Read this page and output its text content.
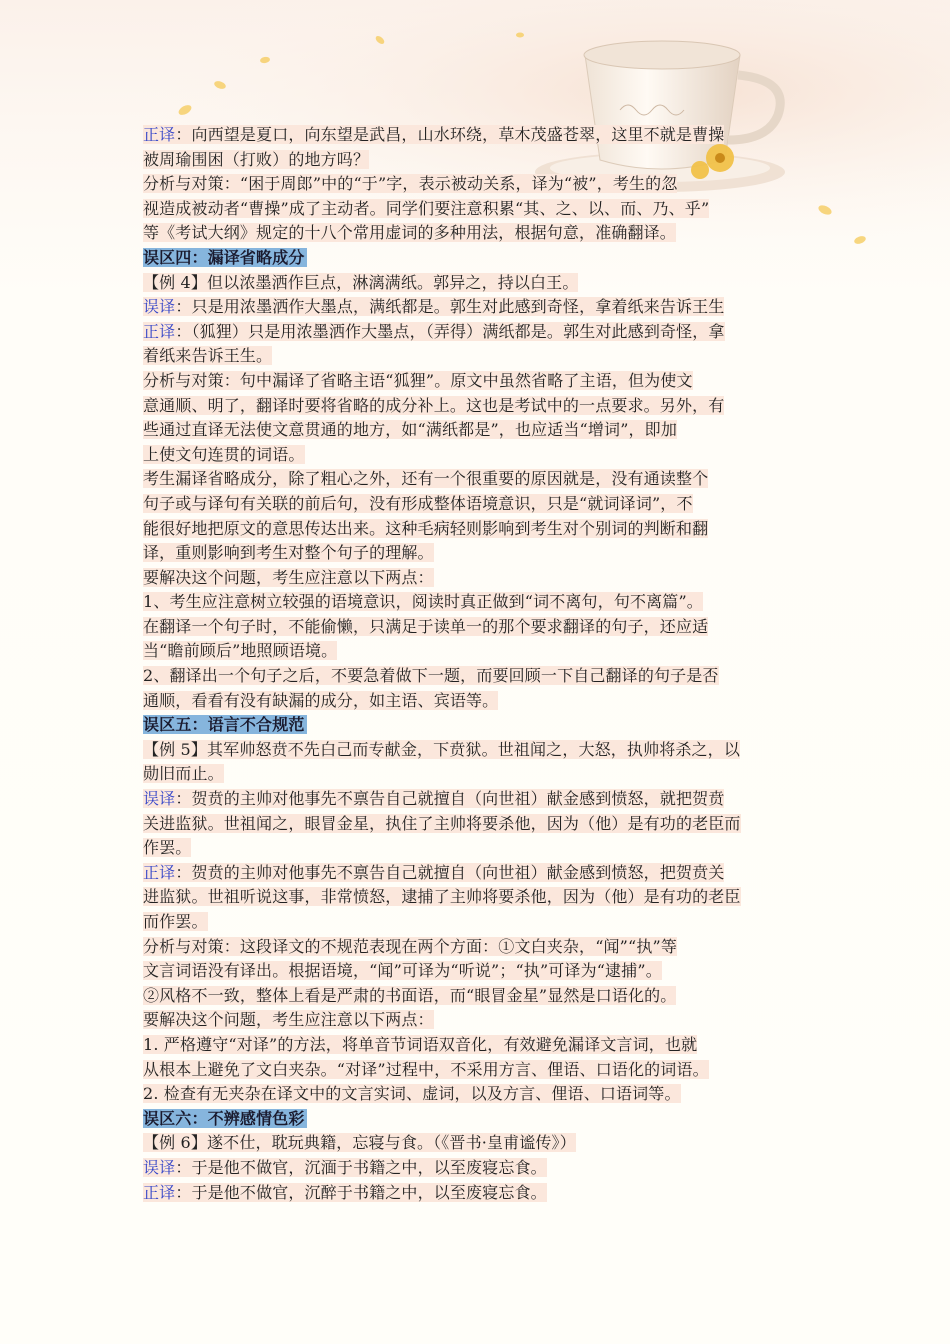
正译：向西望是夏口，向东望是武昌，山水环绕，草木茂盛苍翠，这里不就是曹操
被周瑜围困（打败）的地方吗？
分析与对策：“困于周郎”中的“于”字，表示被动关系，译为“被”，考生的忽
视造成被动者“曹操”成了主动者。同学们要注意积累“其、之、以、而、乃、乎”
等《考试大纲》规定的十八个常用虚词的多种用法，根据句意，准确翻译。
误区四：漏译省略成分
【例 4】但以浓墨洒作巨点，淋漓满纸。郭异之，持以白王。
误译：只是用浓墨洒作大墨点，满纸都是。郭生对此感到奇怪，拿着纸来告诉王生
正译：（狐狸）只是用浓墨洒作大墨点，（弄得）满纸都是。郭生对此感到奇怪，拿
着纸来告诉王生。
分析与对策：句中漏译了省略主语“狐狸”。原文中虽然省略了主语，但为使文
意通顺、明了，翻译时要将省略的成分补上。这也是考试中的一点要求。另外，有
些通过直译无法使文意贯通的地方，如“满纸都是”，也应适当“增词”，即加
上使文句连贯的词语。
考生漏译省略成分，除了粗心之外，还有一个很重要的原因就是，没有通读整个
句子或与译句有关联的前后句，没有形成整体语境意识，只是“就词译词”，不
能很好地把原文的意思传达出来。这种毛病轻则影响到考生对个别词的判断和翻
译，重则影响到考生对整个句子的理解。
要解决这个问题，考生应注意以下两点：
1、考生应注意树立较强的语境意识，阅读时真正做到“词不离句，句不离篇”。
在翻译一个句子时，不能偷懒，只满足于读单一的那个要求翻译的句子，还应适
当“瞻前顾后”地照顾语境。
2、翻译出一个句子之后，不要急着做下一题，而要回顾一下自己翻译的句子是否
通顺，看看有没有缺漏的成分，如主语、宾语等。
误区五：语言不合规范
【例 5】其军帅怒贲不先白己而专献金，下贲狱。世祖闻之，大怒，执帅将杀之，以
勋旧而止。
误译：贺贲的主帅对他事先不禀告自己就擅自（向世祖）献金感到愤怒，就把贺贲
关进监狱。世祖闻之，眼冒金星，执住了主帅将要杀他，因为（他）是有功的老臣而
作罢。
正译：贺贲的主帅对他事先不禀告自己就擅自（向世祖）献金感到愤怒，把贺贲关
进监狱。世祖听说这事，非常愤怒，逮捕了主帅将要杀他，因为（他）是有功的老臣
而作罢。
分析与对策：这段译文的不规范表现在两个方面：①文白夹杂，“闻”“执”等
文言词语没有译出。根据语境，“闻”可译为“听说”；“执”可译为“逮捕”。
②风格不一致，整体上看是严肃的书面语，而“眼冒金星”显然是口语化的。
要解决这个问题，考生应注意以下两点：
1. 严格遵守“对译”的方法，将单音节词语双音化，有效避免漏译文言词，也就
从根本上避免了文白夹杂。“对译”过程中，不采用方言、俚语、口语化的词语。
2. 检查有无夹杂在译文中的文言实词、虚词，以及方言、俚语、口语词等。
误区六：不辨感情色彩
【例 6】遂不仕，耽玩典籍，忘寝与食。（《晋书·皇甫谧传》）
误译：于是他不做官，沉湎于书籍之中，以至废寝忘食。
正译：于是他不做官，沉醉于书籍之中，以至废寝忘食。
